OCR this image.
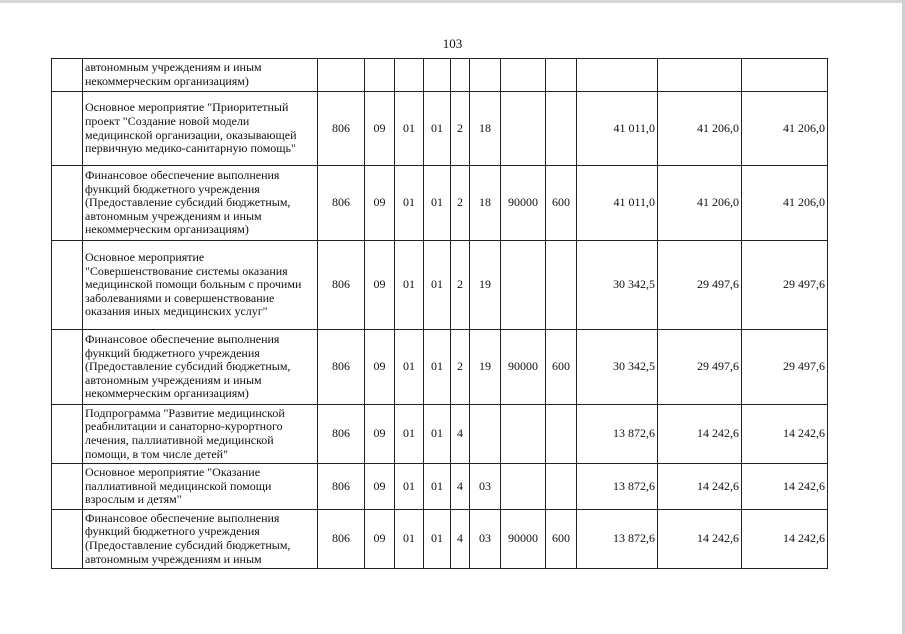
103
	автономным учреждениям и иным некоммерческим организациям)											
	Основное мероприятие "Приоритетный проект "Создание новой модели медицинской организации, оказывающей первичную медико-санитарную помощь"	806	09	01	01	2	18			41 011,0	41 206,0	41 206,0
	Финансовое обеспечение выполнения функций бюджетного учреждения (Предоставление субсидий бюджетным, автономным учреждениям и иным некоммерческим организациям)	806	09	01	01	2	18	90000	600	41 011,0	41 206,0	41 206,0
	Основное мероприятие "Совершенствование системы оказания медицинской помощи больным с прочими заболеваниями и совершенствование оказания иных медицинских услуг"	806	09	01	01	2	19			30 342,5	29 497,6	29 497,6
	Финансовое обеспечение выполнения функций бюджетного учреждения (Предоставление субсидий бюджетным, автономным учреждениям и иным некоммерческим организациям)	806	09	01	01	2	19	90000	600	30 342,5	29 497,6	29 497,6
	Подпрограмма "Развитие медицинской реабилитации и санаторно-курортного лечения, паллиативной медицинской помощи, в том числе детей"	806	09	01	01	4				13 872,6	14 242,6	14 242,6
	Основное мероприятие "Оказание паллиативной медицинской помощи взрослым и детям"	806	09	01	01	4	03			13 872,6	14 242,6	14 242,6
	Финансовое обеспечение выполнения функций бюджетного учреждения (Предоставление субсидий бюджетным, автономным учреждениям и иным	806	09	01	01	4	03	90000	600	13 872,6	14 242,6	14 242,6
